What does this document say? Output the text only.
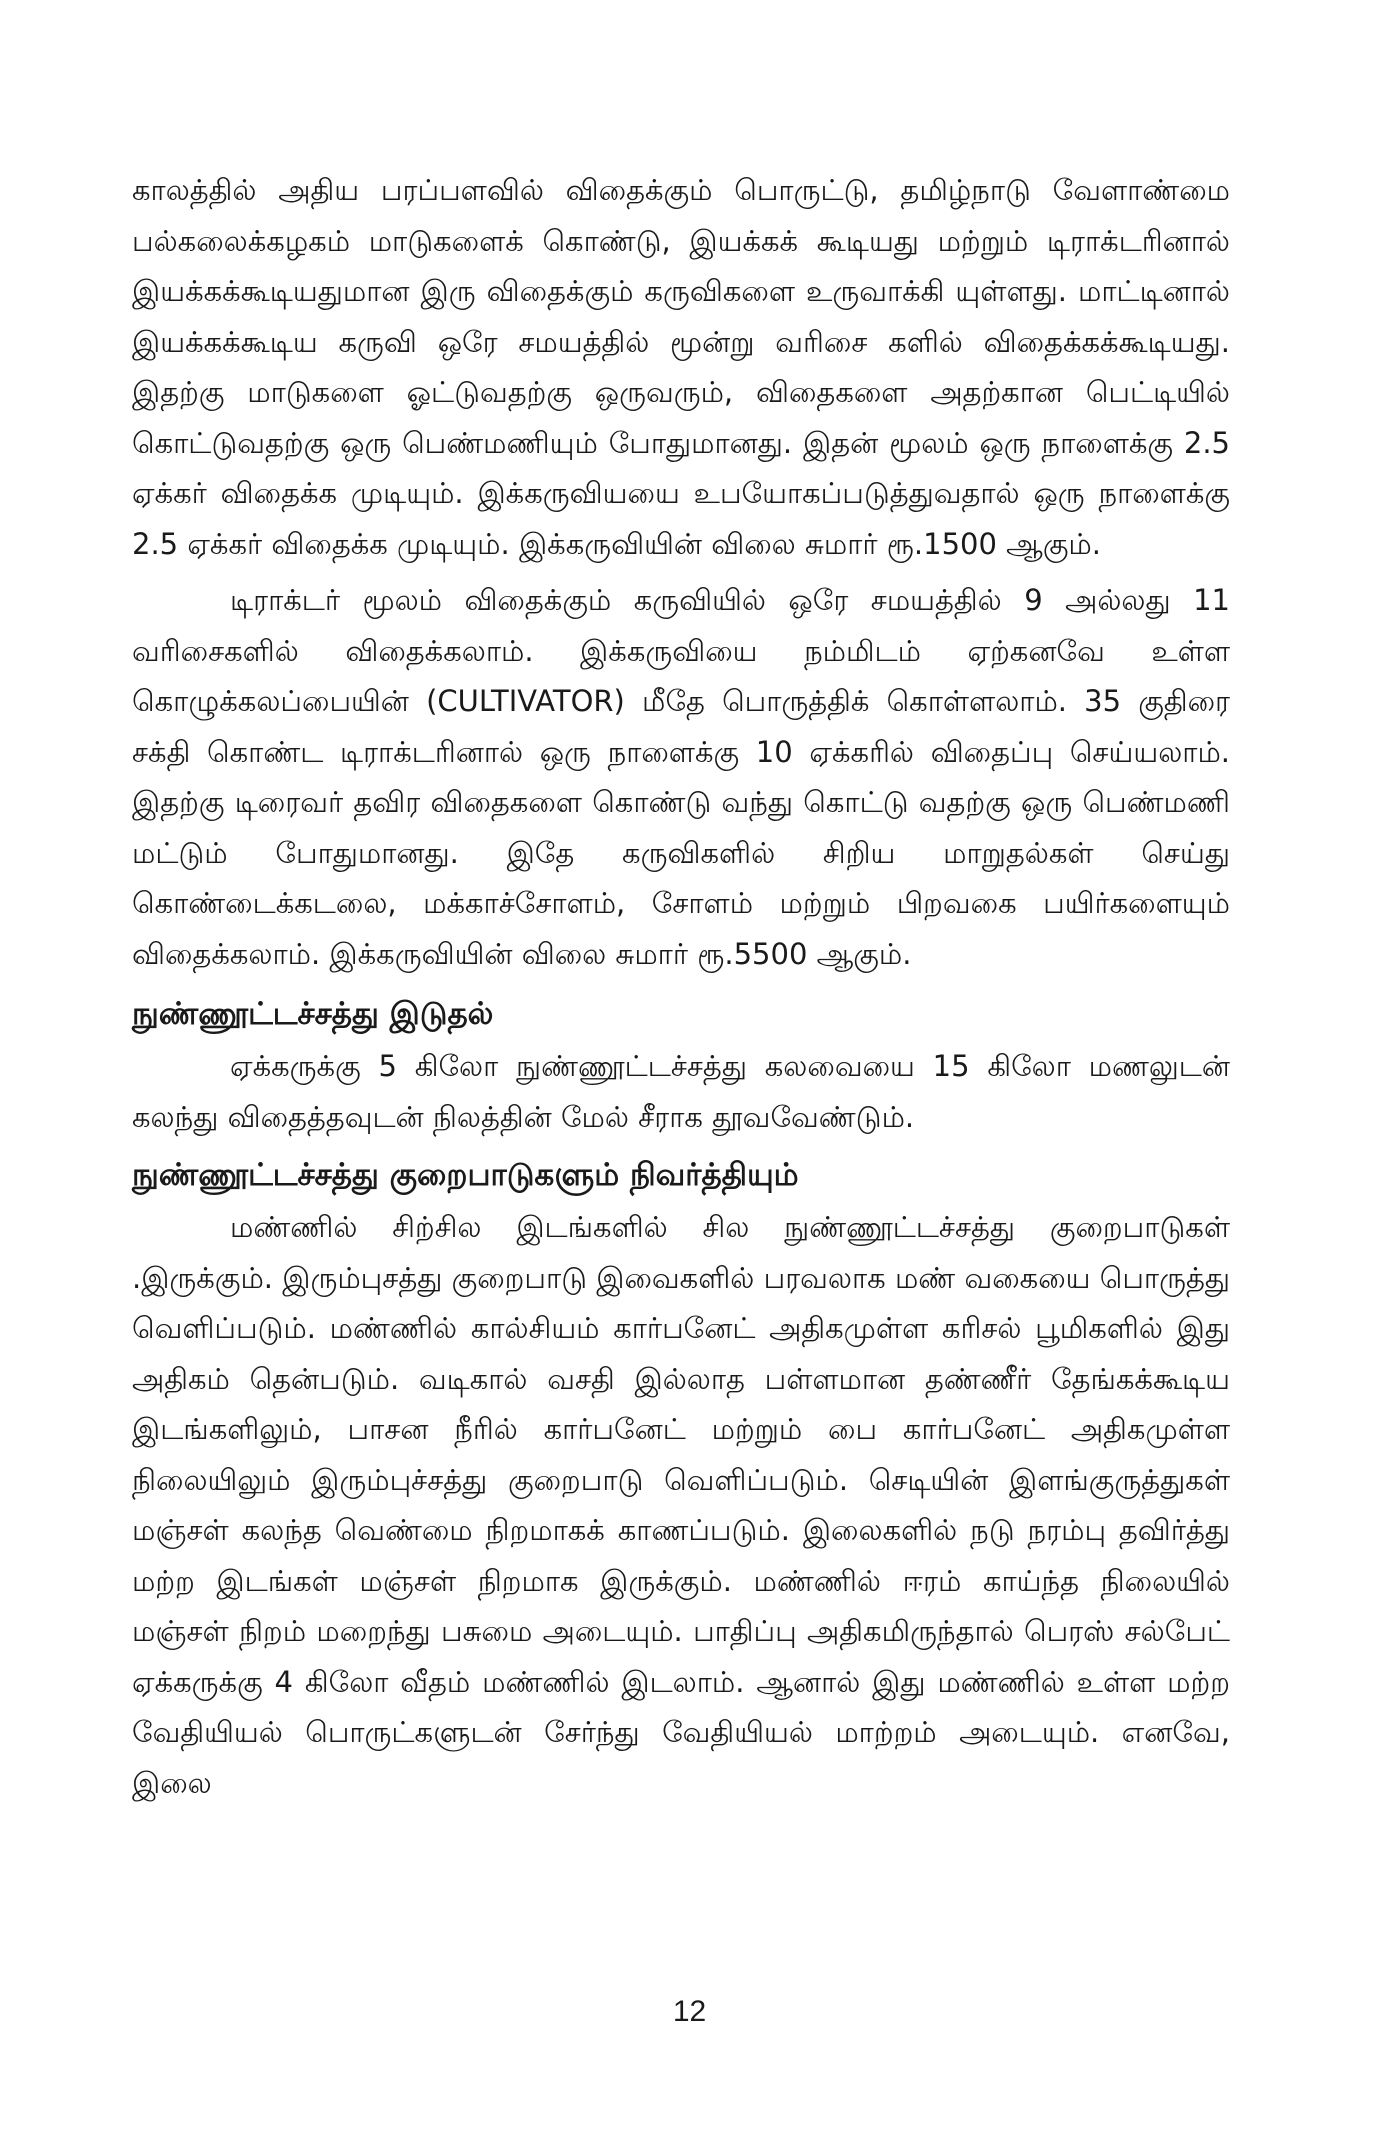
காலத்தில் அதிய பரப்பளவில் விதைக்கும் பொருட்டு, தமிழ்நாடு வேளாண்மை பல்கலைக்கழகம் மாடுகளைக் கொண்டு, இயக்கக் கூடியது மற்றும் டிராக்டரினால் இயக்கக்கூடியதுமான இரு விதைக்கும் கருவிகளை உருவாக்கி யுள்ளது. மாட்டினால் இயக்கக்கூடிய கருவி ஒரே சமயத்தில் மூன்று வரிசை களில் விதைக்கக்கூடியது. இதற்கு மாடுகளை ஓட்டுவதற்கு ஒருவரும், விதைகளை அதற்கான பெட்டியில் கொட்டுவதற்கு ஒரு பெண்மணியும் போதுமானது. இதன் மூலம் ஒரு நாளைக்கு 2.5 ஏக்கர் விதைக்க முடியும். இக்கருவியயை உபயோகப்படுத்துவதால் ஒரு நாளைக்கு 2.5 ஏக்கர் விதைக்க முடியும். இக்கருவியின் விலை சுமார் ரூ.1500 ஆகும்.

டிராக்டர் மூலம் விதைக்கும் கருவியில் ஒரே சமயத்தில் 9 அல்லது 11 வரிசைகளில் விதைக்கலாம். இக்கருவியை நம்மிடம் ஏற்கனவே உள்ள கொழுக்கலப்பையின் (CULTIVATOR) மீதே பொருத்திக் கொள்ளலாம். 35 குதிரை சக்தி கொண்ட டிராக்டரினால் ஒரு நாளைக்கு 10 ஏக்கரில் விதைப்பு செய்யலாம். இதற்கு டிரைவர் தவிர விதைகளை கொண்டு வந்து கொட்டு வதற்கு ஒரு பெண்மணி மட்டும் போதுமானது. இதே கருவிகளில் சிறிய மாறுதல்கள் செய்து கொண்டைக்கடலை, மக்காச்சோளம், சோளம் மற்றும் பிறவகை பயிர்களையும் விதைக்கலாம். இக்கருவியின் விலை சுமார் ரூ.5500 ஆகும்.

நுண்ணூட்டச்சத்து இடுதல்

ஏக்கருக்கு 5 கிலோ நுண்ணூட்டச்சத்து கலவையை 15 கிலோ மணலுடன் கலந்து விதைத்தவுடன் நிலத்தின் மேல் சீராக தூவவேண்டும்.

நுண்ணூட்டச்சத்து குறைபாடுகளும் நிவர்த்தியும்

மண்ணில் சிற்சில இடங்களில் சில நுண்ணூட்டச்சத்து குறைபாடுகள் .இருக்கும். இரும்புசத்து குறைபாடு இவைகளில் பரவலாக மண் வகையை பொருத்து வெளிப்படும். மண்ணில் கால்சியம் கார்பனேட் அதிகமுள்ள கரிசல் பூமிகளில் இது அதிகம் தென்படும். வடிகால் வசதி இல்லாத பள்ளமான தண்ணீர் தேங்கக்கூடிய இடங்களிலும், பாசன நீரில் கார்பனேட் மற்றும் பை கார்பனேட் அதிகமுள்ள நிலையிலும் இரும்புச்சத்து குறைபாடு வெளிப்படும். செடியின் இளங்குருத்துகள் மஞ்சள் கலந்த வெண்மை நிறமாகக் காணப்படும். இலைகளில் நடு நரம்பு தவிர்த்து மற்ற இடங்கள் மஞ்சள் நிறமாக இருக்கும். மண்ணில் ஈரம் காய்ந்த நிலையில் மஞ்சள் நிறம் மறைந்து பசுமை அடையும். பாதிப்பு அதிகமிருந்தால் பெரஸ் சல்பேட் ஏக்கருக்கு 4 கிலோ வீதம் மண்ணில் இடலாம். ஆனால் இது மண்ணில் உள்ள மற்ற வேதியியல் பொருட்களுடன் சேர்ந்து வேதியியல் மாற்றம் அடையும். எனவே, இலை

12
